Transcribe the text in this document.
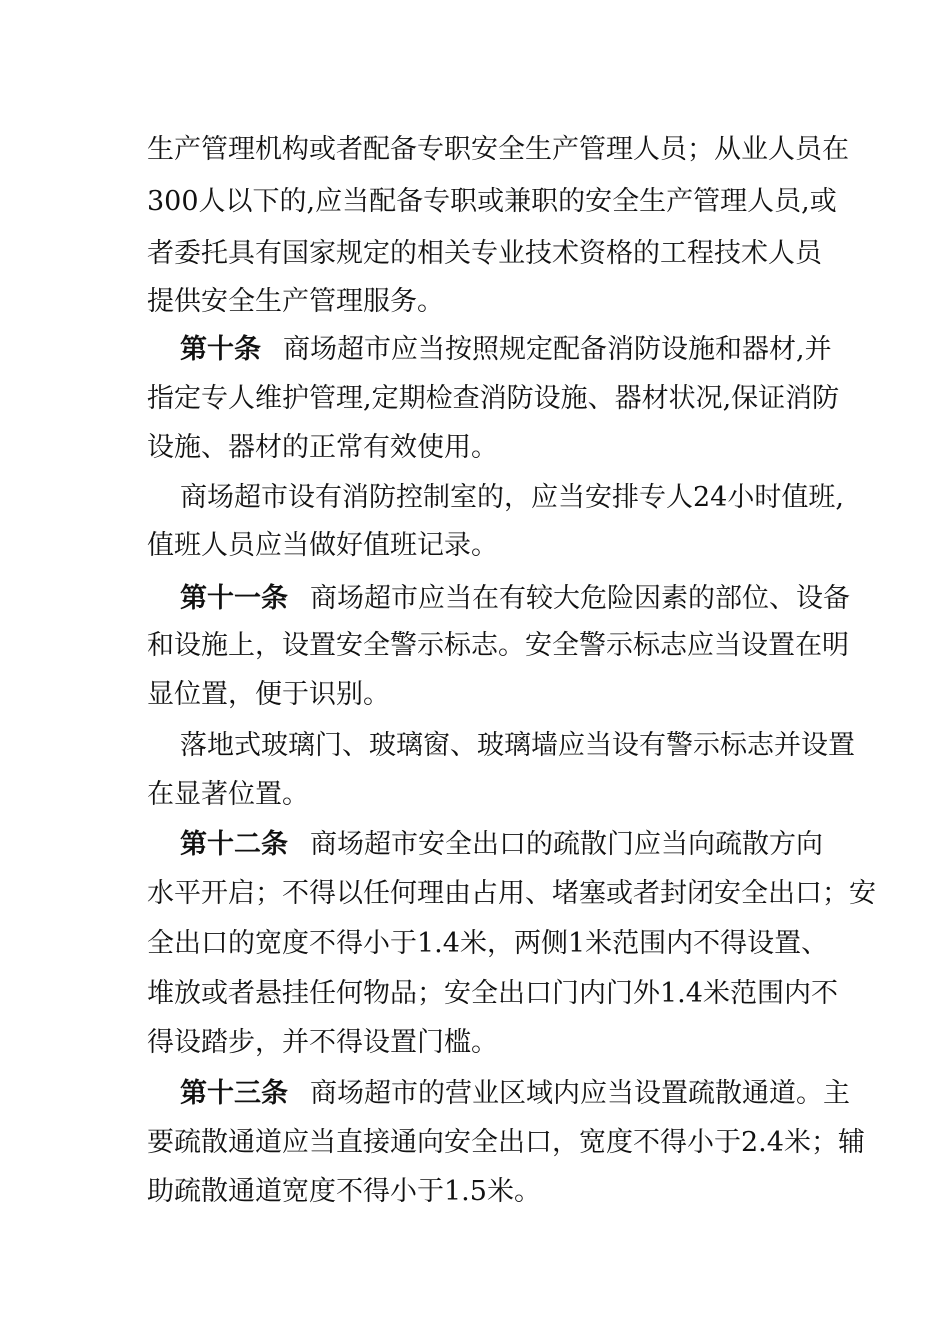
生产管理机构或者配备专职安全生产管理人员；从业人员在
300人以下的,应当配备专职或兼职的安全生产管理人员,或
者委托具有国家规定的相关专业技术资格的工程技术人员
提供安全生产管理服务。
第十条 商场超市应当按照规定配备消防设施和器材,并
指定专人维护管理,定期检查消防设施、器材状况,保证消防
设施、器材的正常有效使用。
商场超市设有消防控制室的，应当安排专人24小时值班,
值班人员应当做好值班记录。
第十一条 商场超市应当在有较大危险因素的部位、设备
和设施上，设置安全警示标志。安全警示标志应当设置在明
显位置，便于识别。
落地式玻璃门、玻璃窗、玻璃墙应当设有警示标志并设置
在显著位置。
第十二条 商场超市安全出口的疏散门应当向疏散方向
水平开启；不得以任何理由占用、堵塞或者封闭安全出口；安
全出口的宽度不得小于1.4米，两侧1米范围内不得设置、
堆放或者悬挂任何物品；安全出口门内门外1.4米范围内不
得设踏步，并不得设置门槛。
第十三条 商场超市的营业区域内应当设置疏散通道。主
要疏散通道应当直接通向安全出口，宽度不得小于2.4米；辅
助疏散通道宽度不得小于1.5米。
